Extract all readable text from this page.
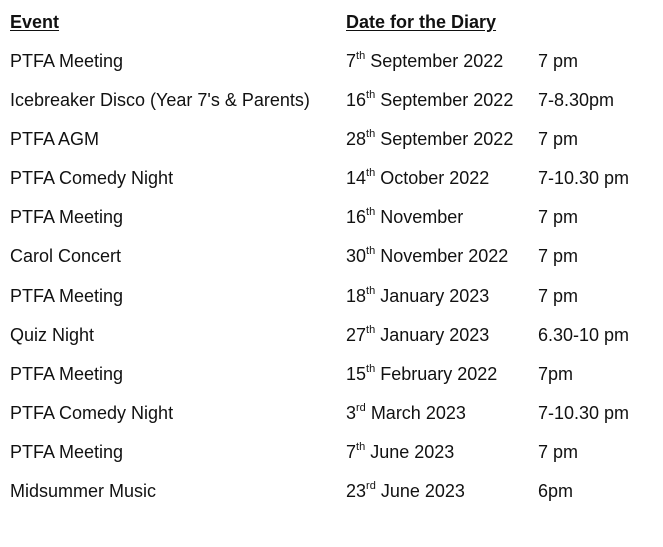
Event	Date for the Diary
PTFA Meeting	7th September 2022 7 pm
Icebreaker Disco (Year 7's & Parents) 16th September 2022 7-8.30pm
PTFA AGM	28th September 2022 7 pm
PTFA Comedy Night	14th October 2022	7-10.30 pm
PTFA Meeting	16th November	7 pm
Carol Concert	30th November 2022 7 pm
PTFA Meeting	18th January 2023	7 pm
Quiz Night	27th January 2023	6.30-10 pm
PTFA Meeting	15th February 2022 7pm
PTFA Comedy Night	3rd March 2023	7-10.30 pm
PTFA Meeting	7th June 2023	7 pm
Midsummer Music	23rd June 2023	6pm
